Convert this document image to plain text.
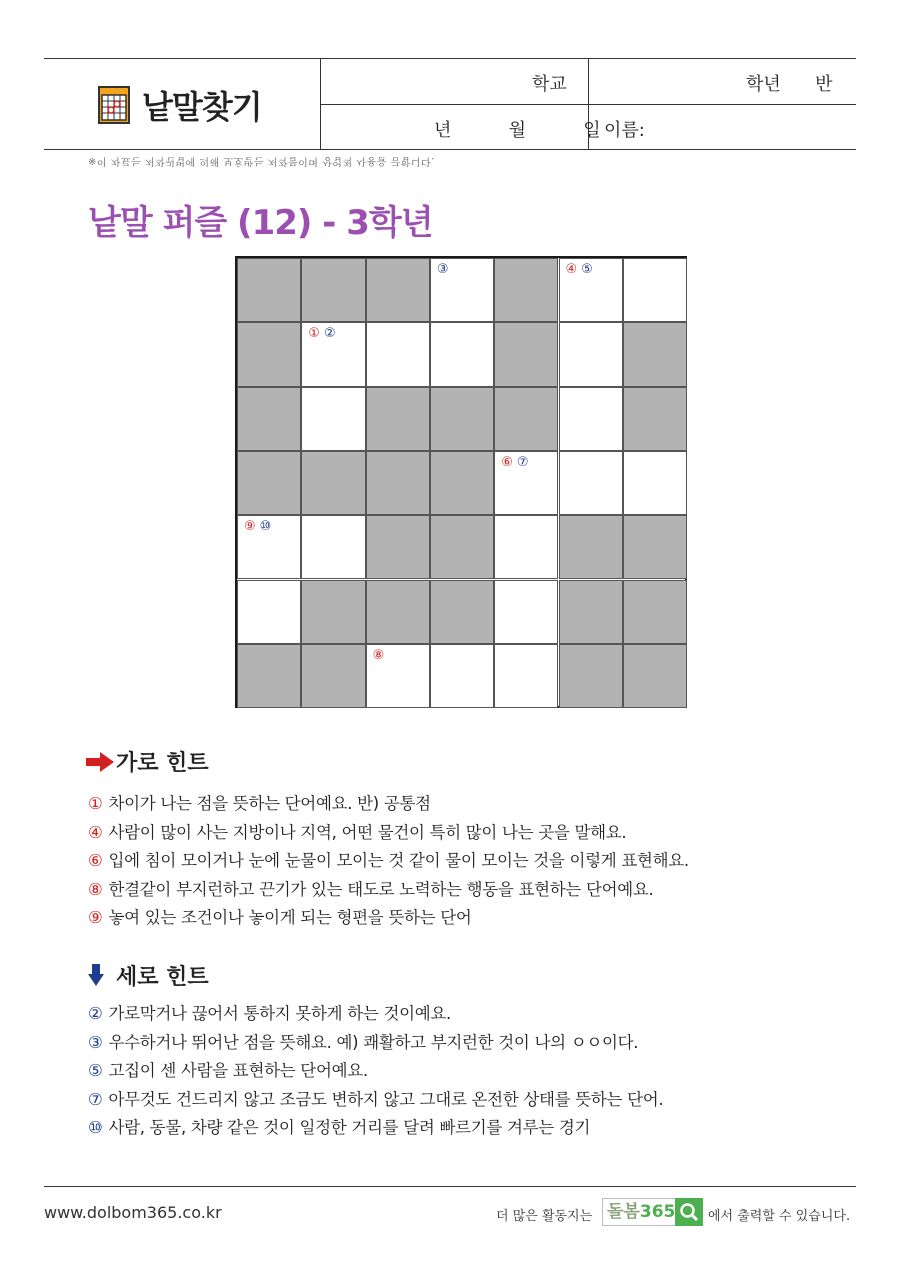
낱말찾기
학교	학년      반
년          월          일 이름:
※이 자료는 저작권법에 의해 보호받는 저작물이며 상업적 사용을 금합니다.
낱말 퍼즐 (12) - 3학년
③	④ ⑤
① ②
⑥ ⑦
⑨ ⑩
⑧
가로 힌트
① 차이가 나는 점을 뜻하는 단어예요. 반) 공통점
④ 사람이 많이 사는 지방이나 지역, 어떤 물건이 특히 많이 나는 곳을 말해요.
⑥ 입에 침이 모이거나 눈에 눈물이 모이는 것 같이 물이 모이는 것을 이렇게 표현해요.
⑧ 한결같이 부지런하고 끈기가 있는 태도로 노력하는 행동을 표현하는 단어예요.
⑨ 놓여 있는 조건이나 놓이게 되는 형편을 뜻하는 단어
세로 힌트
② 가로막거나 끊어서 통하지 못하게 하는 것이예요.
③ 우수하거나 뛰어난 점을 뜻해요. 예) 쾌활하고 부지런한 것이 나의 ㅇㅇ이다.
⑤ 고집이 센 사람을 표현하는 단어예요.
⑦ 아무것도 건드리지 않고 조금도 변하지 않고 그대로 온전한 상태를 뜻하는 단어.
⑩ 사람, 동물, 차량 같은 것이 일정한 거리를 달려 빠르기를 겨루는 경기
www.dolbom365.co.kr	더 많은 활동지는 돌봄365	에서 출력할 수 있습니다.
